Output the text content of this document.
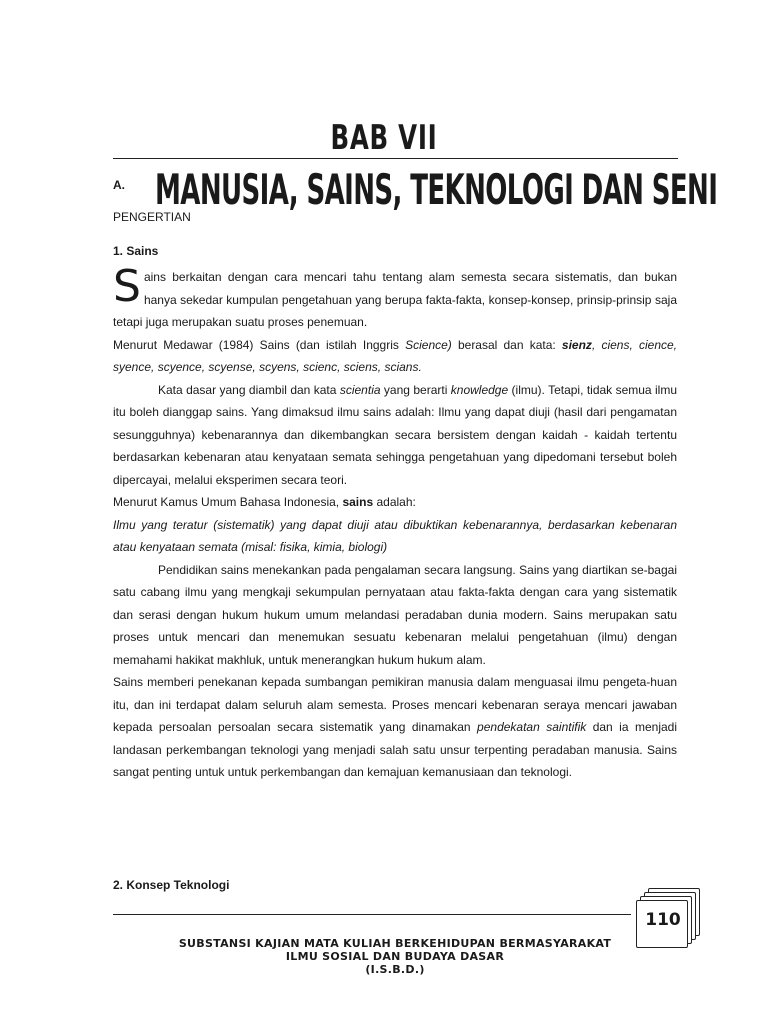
BAB VII
A. MANUSIA, SAINS, TEKNOLOGI DAN SENI
PENGERTIAN
1. Sains

Sains berkaitan dengan cara mencari tahu tentang alam semesta secara sistematis, dan bukan hanya sekedar kumpulan pengetahuan yang berupa fakta-fakta, konsep-konsep, prinsip-prinsip saja tetapi juga merupakan suatu proses penemuan.

Menurut Medawar (1984) Sains (dan istilah Inggris Science) berasal dan kata: sienz, ciens, cience, syence, scyence, scyense, scyens, scienc, sciens, scians.

Kata dasar yang diambil dan kata scientia yang berarti knowledge (ilmu). Tetapi, tidak semua ilmu itu boleh dianggap sains. Yang dimaksud ilmu sains adalah: Ilmu yang dapat diuji (hasil dari pengamatan sesungguhnya) kebenarannya dan dikembangkan secara bersistem dengan kaidah - kaidah tertentu berdasarkan kebenaran atau kenyataan semata sehingga pengetahuan yang dipedomani tersebut boleh dipercayai, melalui eksperimen secara teori.

Menurut Kamus Umum Bahasa Indonesia, sains adalah:

Ilmu yang teratur (sistematik) yang dapat diuji atau dibuktikan kebenarannya, berdasarkan kebenaran atau kenyataan semata (misal: fisika, kimia, biologi)

Pendidikan sains menekankan pada pengalaman secara langsung. Sains yang diartikan se-bagai satu cabang ilmu yang mengkaji sekumpulan pernyataan atau fakta-fakta dengan cara yang sistematik dan serasi dengan hukum hukum umum melandasi peradaban dunia modern. Sains merupakan satu proses untuk mencari dan menemukan sesuatu kebenaran melalui pengetahuan (ilmu) dengan memahami hakikat makhluk, untuk menerangkan hukum hukum alam.

Sains memberi penekanan kepada sumbangan pemikiran manusia dalam menguasai ilmu pengeta-huan itu, dan ini terdapat dalam seluruh alam semesta. Proses mencari kebenaran seraya mencari jawaban kepada persoalan persoalan secara sistematik yang dinamakan pendekatan saintifik dan ia menjadi landasan perkembangan teknologi yang menjadi salah satu unsur terpenting peradaban manusia. Sains sangat penting untuk untuk perkembangan dan kemajuan kemanusiaan dan teknologi.

2. Konsep Teknologi
110
SUBSTANSI KAJIAN MATA KULIAH BERKEHIDUPAN BERMASYARAKAT
ILMU SOSIAL DAN BUDAYA DASAR
(I.S.B.D.)
